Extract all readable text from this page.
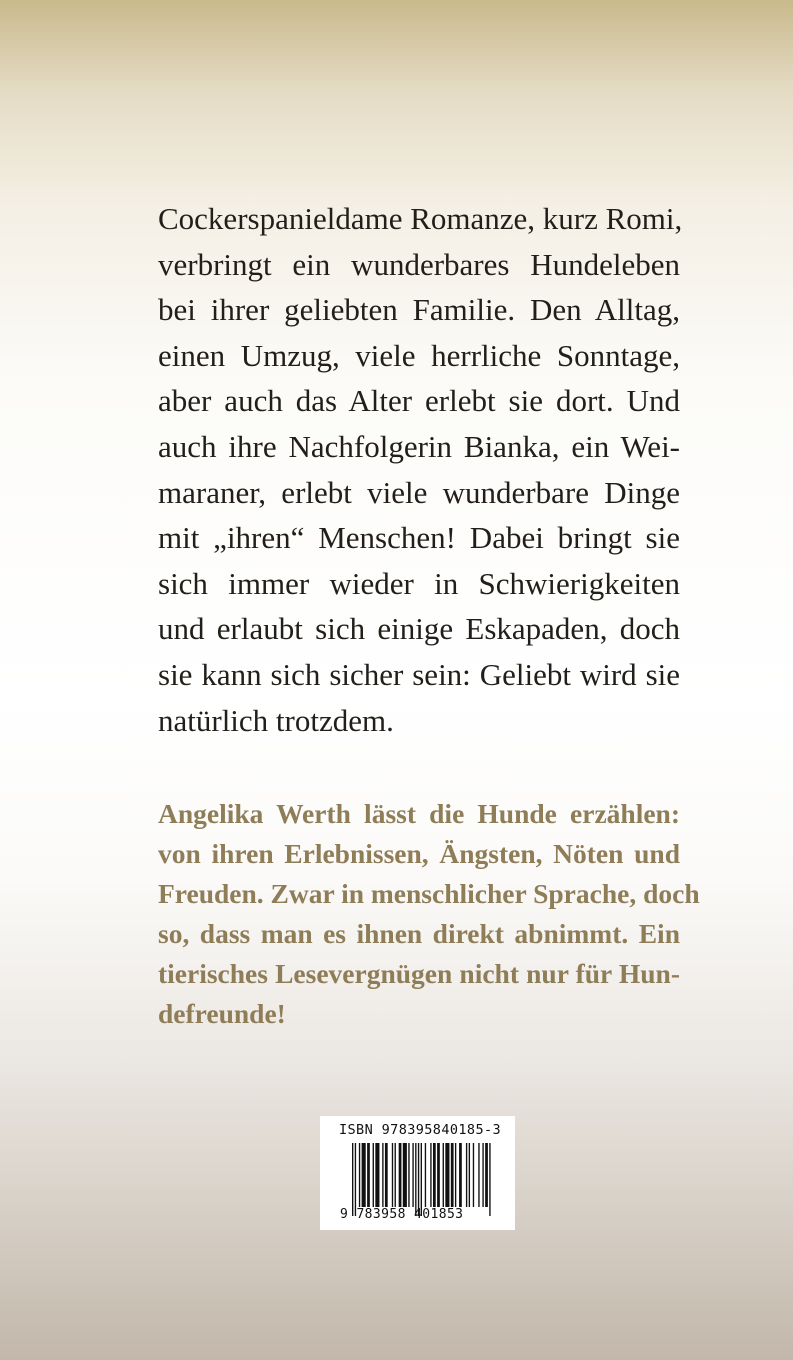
Cockerspanieldame Romanze, kurz Romi,
verbringt ein wunderbares Hundeleben
bei ihrer geliebten Familie. Den Alltag,
einen Umzug, viele herrliche Sonntage,
aber auch das Alter erlebt sie dort. Und
auch ihre Nachfolgerin Bianka, ein Wei-
maraner, erlebt viele wunderbare Dinge
mit „ihren“ Menschen! Dabei bringt sie
sich immer wieder in Schwierigkeiten
und erlaubt sich einige Eskapaden, doch
sie kann sich sicher sein: Geliebt wird sie
natürlich trotzdem.
Angelika Werth lässt die Hunde erzählen:
von ihren Erlebnissen, Ängsten, Nöten und
Freuden. Zwar in menschlicher Sprache, doch
so, dass man es ihnen direkt abnimmt. Ein
tierisches Lesevergnügen nicht nur für Hun-
defreunde!
ISBN 978395840185-3
9 783958 401853
